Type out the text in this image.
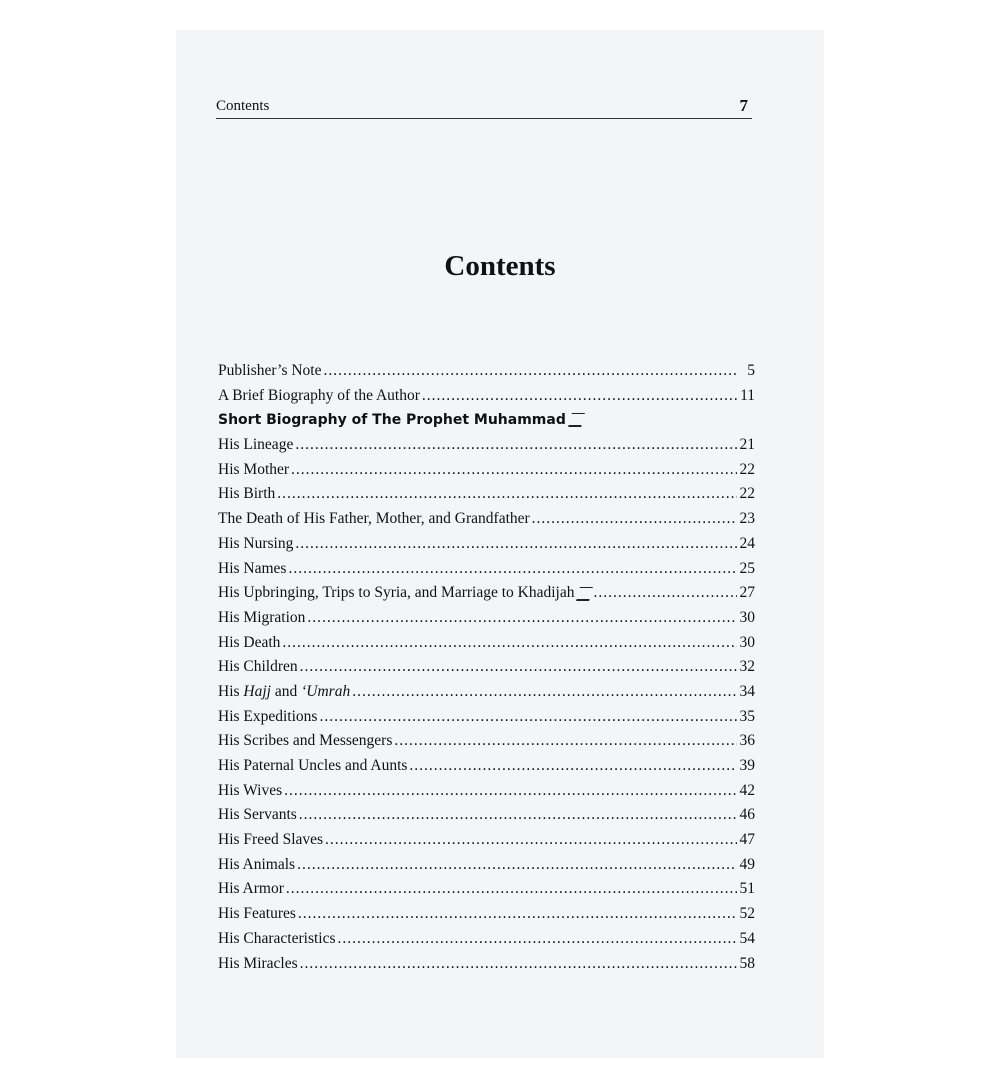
Contents	7
Contents
Publisher’s Note .....	5
A Brief Biography of the Author .....	11
Short Biography of The Prophet Muhammad
His Lineage .....	21
His Mother .....	22
His Birth .....	22
The Death of His Father, Mother, and Grandfather .....	23
His Nursing .....	24
His Names .....	25
His Upbringing, Trips to Syria, and Marriage to Khadijah .....	27
His Migration .....	30
His Death .....	30
His Children .....	32
His Hajj and ‘Umrah .....	34
His Expeditions .....	35
His Scribes and Messengers .....	36
His Paternal Uncles and Aunts .....	39
His Wives .....	42
His Servants .....	46
His Freed Slaves .....	47
His Animals .....	49
His Armor .....	51
His Features .....	52
His Characteristics .....	54
His Miracles .....	58
